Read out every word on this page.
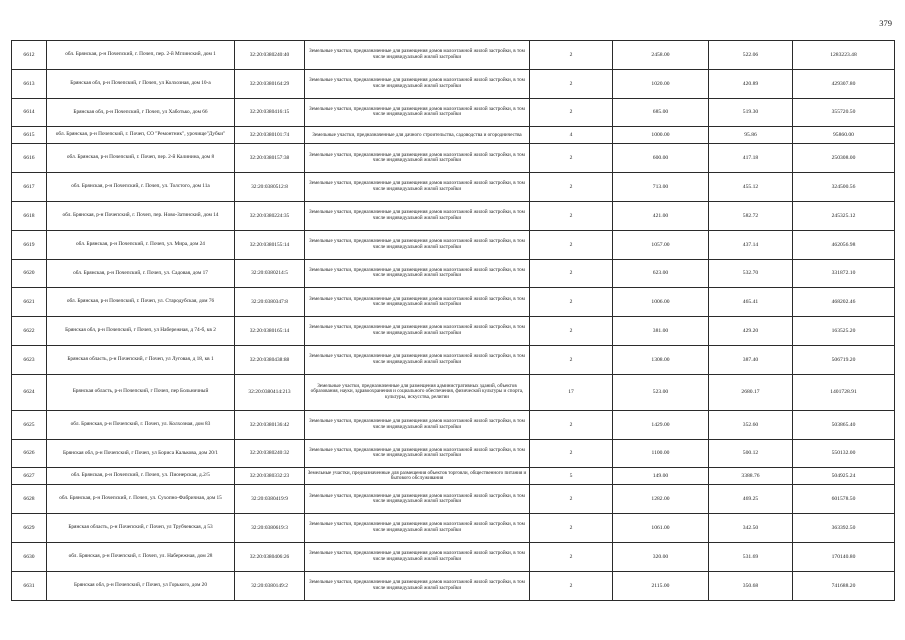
379
6612	обл. Брянская, р-н Почепский, г. Почеп, пер. 2-й Мглинский, дом 1	32:20:0380240:40	Земельные участки, предназначенные для размещения домов малоэтажной жилой застройки, в том числе индивидуальной жилой застройки	2	2458.00	522.06	1283223.48
6613	Брянская обл, р-н Почепский, г Почеп, ул Колхозная, дом 10-а	32:20:0380164:29	Земельные участки, предназначенные для размещения домов малоэтажной жилой застройки, в том числе индивидуальной жилой застройки	2	1020.00	420.89	429307.80
6614	Брянская обл, р-н Почепский, г Почеп, ул Хаботько, дом 66	32:20:0380416:15	Земельные участки, предназначенные для размещения домов малоэтажной жилой застройки, в том числе индивидуальной жилой застройки	2	685.00	519.30	355720.50
6615	обл. Брянская, р-н Почепский, г. Почеп, СО "Ремонтник", урочище"Дубки"	32:20:0380101:74	Земельные участки, предназначенные для дачного строительства, садоводства и огородничества	4	1000.00	95.86	95860.00
6616	обл. Брянская, р-н Почепский, г. Почеп, пер. 2-й Калинина, дом 8	32:20:0380157:38	Земельные участки, предназначенные для размещения домов малоэтажной жилой застройки, в том числе индивидуальной жилой застройки	2	600.00	417.18	250308.00
6617	обл. Брянская, р-н Почепский, г. Почеп, ул. Толстого, дом 11а	32:20:0380512:8	Земельные участки, предназначенные для размещения домов малоэтажной жилой застройки, в том числе индивидуальной жилой застройки	2	713.00	455.12	324500.56
6618	обл. Брянская, р-н Почепский, г. Почеп, пер. Ново-Затинский, дом 14	32:20:0380224:35	Земельные участки, предназначенные для размещения домов малоэтажной жилой застройки, в том числе индивидуальной жилой застройки	2	421.00	582.72	245325.12
6619	обл. Брянская, р-н Почепский, г. Почеп, ул. Мира, дом 24	32:20:0380155:14	Земельные участки, предназначенные для размещения домов малоэтажной жилой застройки, в том числе индивидуальной жилой застройки	2	1057.00	437.14	462056.98
6620	обл. Брянская, р-н Почепский, г. Почеп, ул. Садовая, дом 17	32:20:0380214:5	Земельные участки, предназначенные для размещения домов малоэтажной жилой застройки, в том числе индивидуальной жилой застройки	2	623.00	532.70	331872.10
6621	обл. Брянская, р-н Почепский, г. Почеп, ул. Стародубская, дом 76	32:20:0380347:8	Земельные участки, предназначенные для размещения домов малоэтажной жилой застройки, в том числе индивидуальной жилой застройки	2	1006.00	465.41	468202.46
6622	Брянская обл, р-н Почепский, г Почеп, ул Набережная, д 74-б, кв 2	32:20:0380165:14	Земельные участки, предназначенные для размещения домов малоэтажной жилой застройки, в том числе индивидуальной жилой застройки	2	381.00	429.20	163525.20
6623	Брянская область, р-н Почепский, г Почеп, ул Луговая, д 18, кв 1	32:20:0380438:88	Земельные участки, предназначенные для размещения домов малоэтажной жилой застройки, в том числе индивидуальной жилой застройки	2	1308.00	387.40	506719.20
6624	Брянская область, р-н Почепский, г Почеп, пер Больничный	32:20:0380414:213	Земельные участки, предназначенные для размещения административных зданий, объектов образования, науки, здравоохранения и социального обеспечения, физической культуры и спорта, культуры, искусства, религии	17	523.00	2680.17	1401728.91
6625	обл. Брянская, р-н Почепский, г. Почеп, ул. Колхозная, дом 83	32:20:0380136:42	Земельные участки, предназначенные для размещения домов малоэтажной жилой застройки, в том числе индивидуальной жилой застройки	2	1429.00	352.60	503865.40
6626	Брянская обл, р-н Почепский, г Почеп, ул Бориса Калькова, дом 20/1	32:20:0380240:32	Земельные участки, предназначенные для размещения домов малоэтажной жилой застройки, в том числе индивидуальной жилой застройки	2	1100.00	500.12	550132.00
6627	обл. Брянская, р-н Почепский, г. Почеп, ул. Пионерская, д.2/5	32:20:0380332:23	Земельные участки, предназначенные для размещения объектов торговли, общественного питания и бытового обслуживания	5	149.00	3388.76	504925.24
6628	обл. Брянская, р-н Почепский, г. Почеп, ул. Сухопно-Фабричная, дом 15	32:20:0380419:9	Земельные участки, предназначенные для размещения домов малоэтажной жилой застройки, в том числе индивидуальной жилой застройки	2	1282.00	469.25	601578.50
6629	Брянская область, р-н Почепский, г Почеп, ул Трубчевская, д 53	32:20:0380619:3	Земельные участки, предназначенные для размещения домов малоэтажной жилой застройки, в том числе индивидуальной жилой застройки	2	1061.00	342.50	363392.50
6630	обл. Брянская, р-н Почепский, г. Почеп, ул. Набережная, дом 28	32:20:0380406:26	Земельные участки, предназначенные для размещения домов малоэтажной жилой застройки, в том числе индивидуальной жилой застройки	2	320.00	531.69	170140.80
6631	Брянская обл, р-н Почепский, г Почеп, ул Горького, дом 20	32:20:0380149:2	Земельные участки, предназначенные для размещения домов малоэтажной жилой застройки, в том числе индивидуальной жилой застройки	2	2115.00	350.68	741688.20
